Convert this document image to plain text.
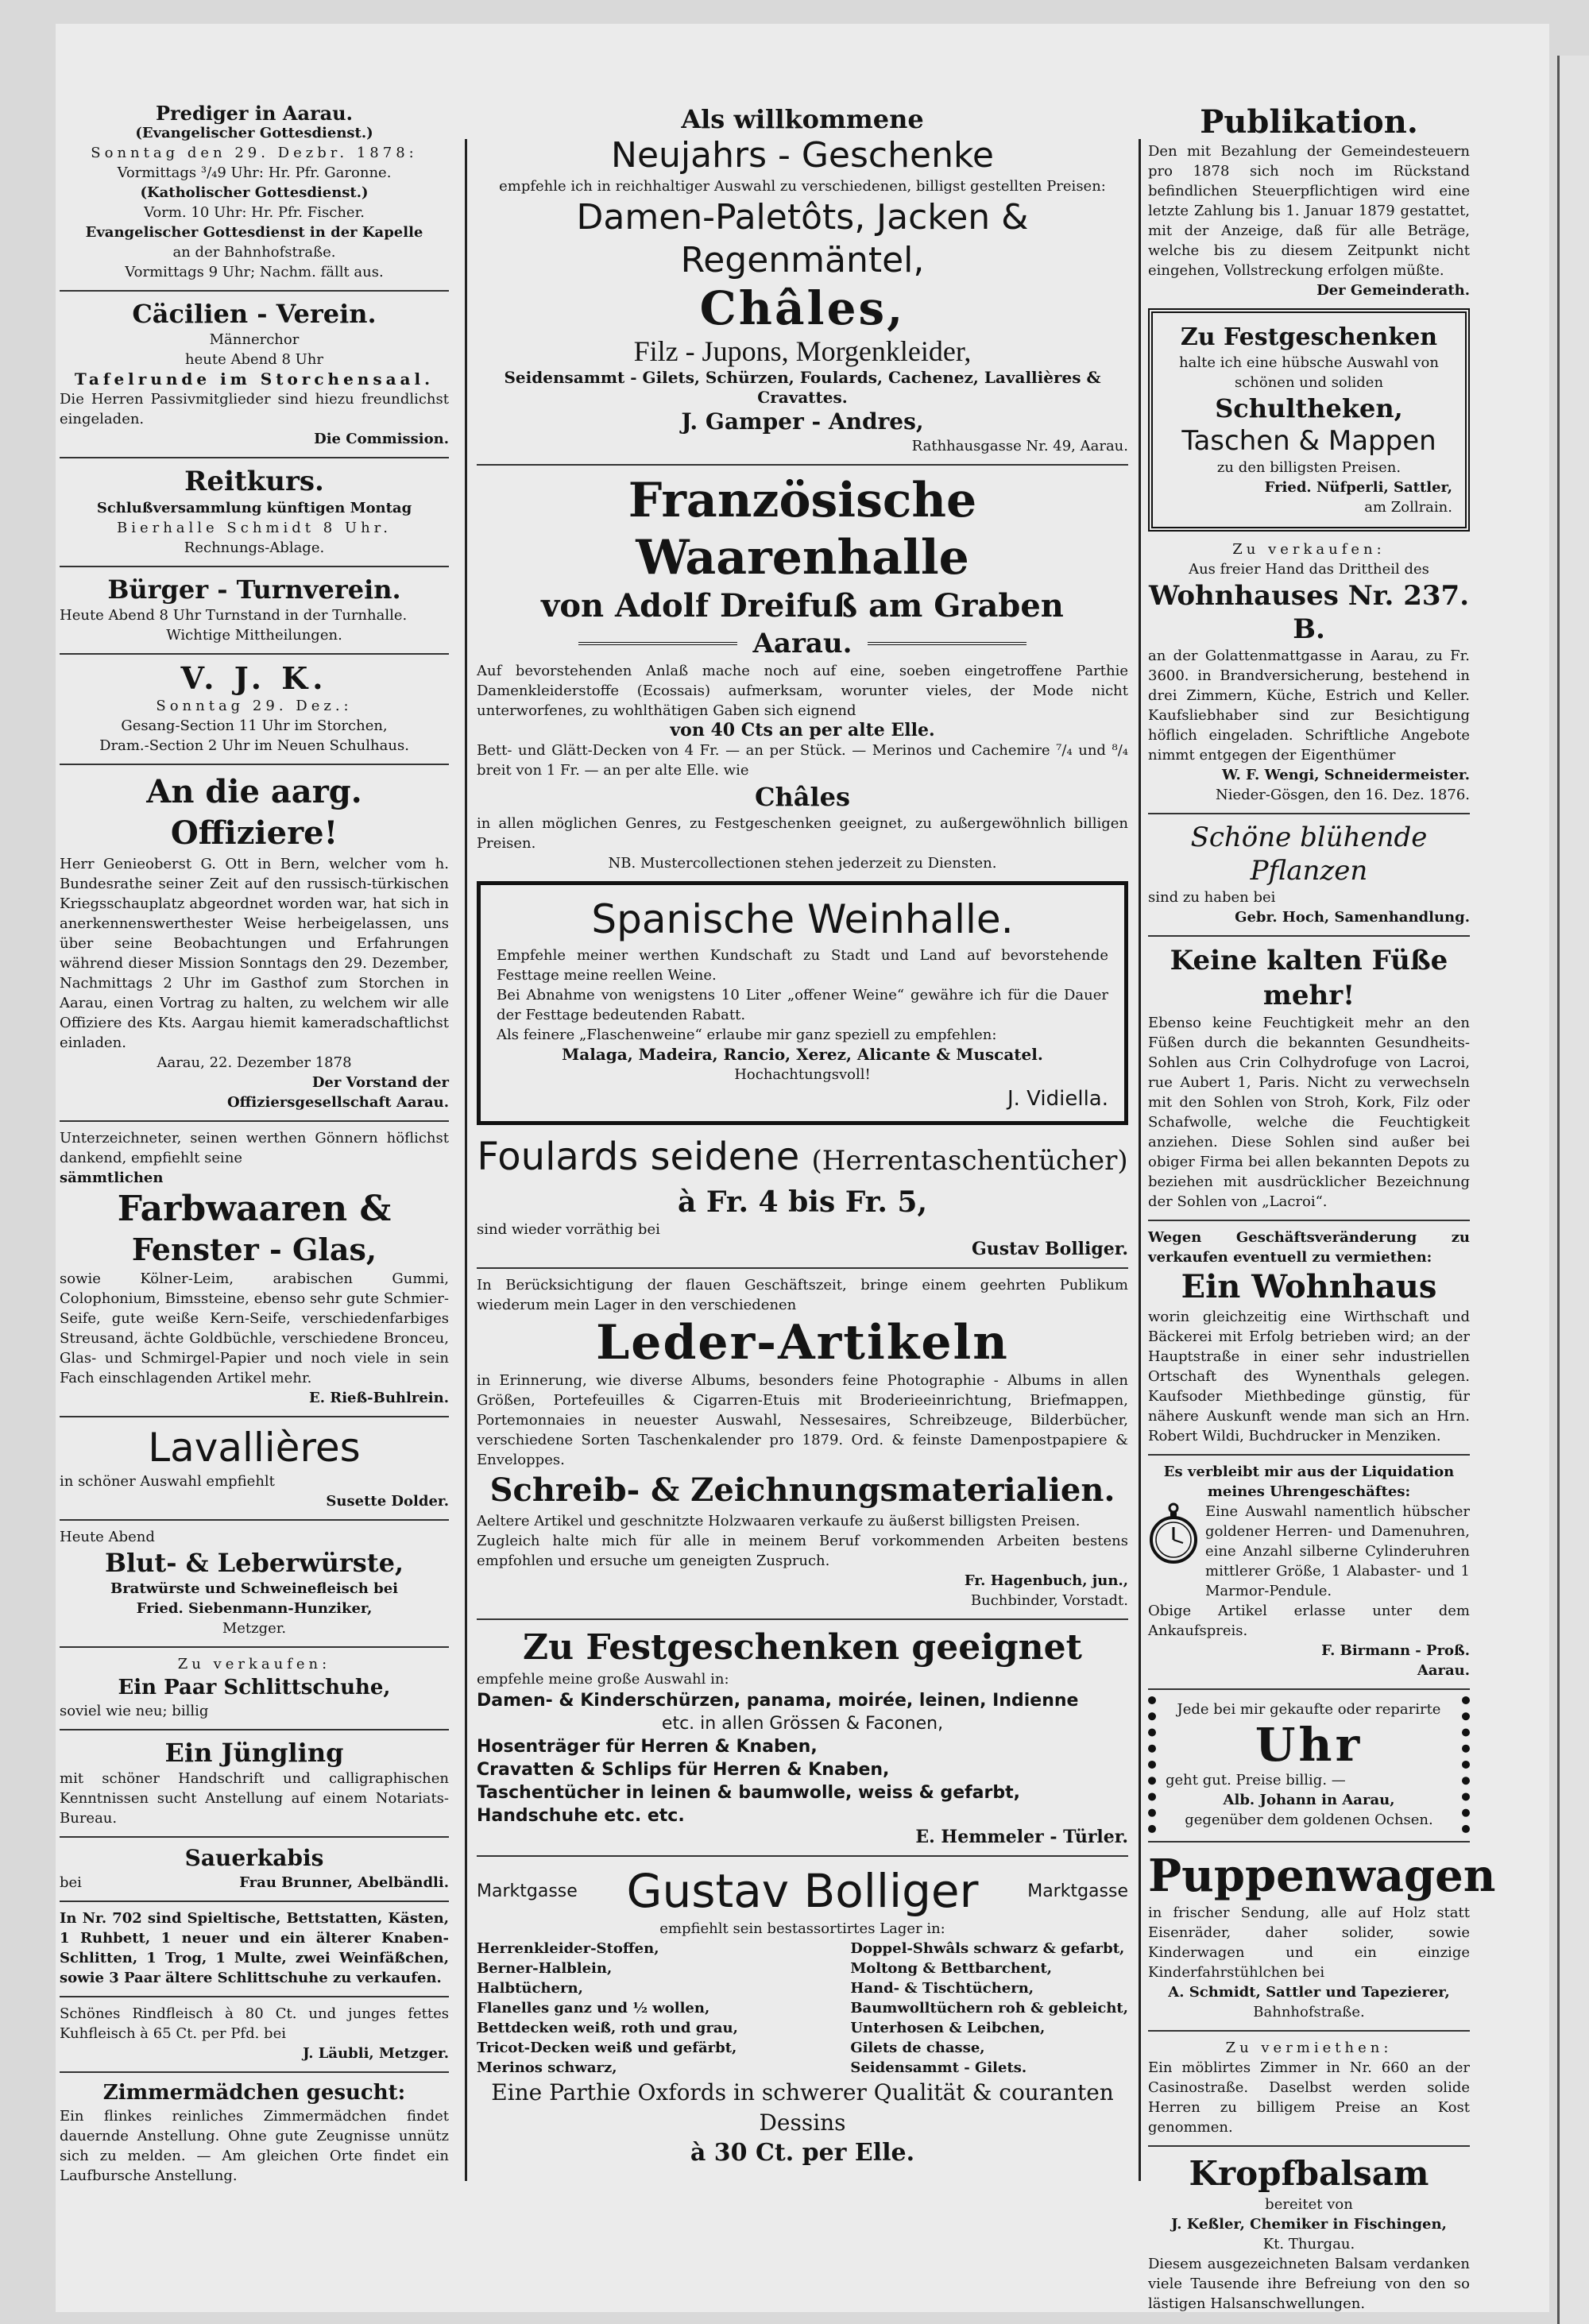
Prediger in Aarau.

(Evangelischer Gottesdienst.)

Sonntag den 29. Dezbr. 1878:

Vormittags ³/₄9 Uhr: Hr. Pfr. Garonne.

(Katholischer Gottesdienst.)

Vorm. 10 Uhr: Hr. Pfr. Fischer.

Evangelischer Gottesdienst in der Kapelle

an der Bahnhofstraße.

Vormittags 9 Uhr; Nachm. fällt aus.

Cäcilien - Verein.

Männerchor

heute Abend 8 Uhr

Tafelrunde im Storchensaal.

Die Herren Passivmitglieder sind hiezu freundlichst eingeladen.

Die Commission.

Reitkurs.

Schlußversammlung künftigen Montag

Bierhalle Schmidt 8 Uhr.

Rechnungs-Ablage.

Bürger - Turnverein.

Heute Abend 8 Uhr Turnstand in der Turnhalle.

Wichtige Mittheilungen.

V. J. K.

Sonntag 29. Dez.:

Gesang-Section 11 Uhr im Storchen,

Dram.-Section 2 Uhr im Neuen Schulhaus.

An die aarg. Offiziere!

Herr Genieoberst G. Ott in Bern, welcher vom h. Bundesrathe seiner Zeit auf den russisch-türkischen Kriegsschauplatz abgeordnet worden war, hat sich in anerkennenswerthester Weise herbeigelassen, uns über seine Beobachtungen und Erfahrungen während dieser Mission Sonntags den 29. Dezember, Nachmittags 2 Uhr im Gasthof zum Storchen in Aarau, einen Vortrag zu halten, zu welchem wir alle Offiziere des Kts. Aargau hiemit kameradschaftlichst einladen.

Aarau, 22. Dezember 1878

Der Vorstand der

Offiziersgesellschaft Aarau.

Unterzeichneter, seinen werthen Gönnern höflichst dankend, empfiehlt seine

sämmtlichen

Farbwaaren &

Fenster - Glas,

sowie Kölner-Leim, arabischen Gummi, Colophonium, Bimssteine, ebenso sehr gute Schmier-Seife, gute weiße Kern-Seife, verschiedenfarbiges Streusand, ächte Goldbüchle, verschiedene Bronceu, Glas- und Schmirgel-Papier und noch viele in sein Fach einschlagenden Artikel mehr.

E. Rieß-Buhlrein.

Lavallières

in schöner Auswahl empfiehlt

Susette Dolder.

Heute Abend

Blut- & Leberwürste,

Bratwürste und Schweinefleisch bei

Fried. Siebenmann-Hunziker,

Metzger.

Zu verkaufen:

Ein Paar Schlittschuhe,

soviel wie neu; billig

Ein Jüngling

mit schöner Handschrift und calligraphischen Kenntnissen sucht Anstellung auf einem Notariats-Bureau.

Sauerkabis

bei	Frau Brunner, Abelbändli.

In Nr. 702 sind Spieltische, Bettstatten, Kästen, 1 Ruhbett, 1 neuer und ein älterer Knaben-Schlitten, 1 Trog, 1 Multe, zwei Weinfäßchen, sowie 3 Paar ältere Schlittschuhe zu verkaufen.

Schönes Rindfleisch à 80 Ct. und junges fettes Kuhfleisch à 65 Ct. per Pfd. bei

J. Läubli, Metzger.

Zimmermädchen gesucht:

Ein flinkes reinliches Zimmermädchen findet dauernde Anstellung. Ohne gute Zeugnisse unnütz sich zu melden. — Am gleichen Orte findet ein Laufbursche Anstellung.

Als willkommene

Neujahrs - Geschenke

empfehle ich in reichhaltiger Auswahl zu verschiedenen, billigst gestellten Preisen:

Damen-Paletôts, Jacken & Regenmäntel,

Châles,

Filz - Jupons, Morgenkleider,

Seidensammt - Gilets, Schürzen, Foulards, Cachenez, Lavallières & Cravattes.

J. Gamper - Andres,

Rathhausgasse Nr. 49, Aarau.

Französische Waarenhalle

von Adolf Dreifuß am Graben

Aarau.

Auf bevorstehenden Anlaß mache noch auf eine, soeben eingetroffene Parthie Damenkleiderstoffe (Ecossais) aufmerksam, worunter vieles, der Mode nicht unterworfenes, zu wohlthätigen Gaben sich eignend

von 40 Cts an per alte Elle.

Bett- und Glätt-Decken von 4 Fr. — an per Stück. — Merinos und Cachemire ⁷/₄ und ⁸/₄ breit von 1 Fr. — an per alte Elle. wie

Châles

in allen möglichen Genres, zu Festgeschenken geeignet, zu außergewöhnlich billigen Preisen.

NB. Mustercollectionen stehen jederzeit zu Diensten.

Spanische Weinhalle.

Empfehle meiner werthen Kundschaft zu Stadt und Land auf bevorstehende Festtage meine reellen Weine.

Bei Abnahme von wenigstens 10 Liter „offener Weine“ gewähre ich für die Dauer der Festtage bedeutenden Rabatt.

Als feinere „Flaschenweine“ erlaube mir ganz speziell zu empfehlen:

Malaga, Madeira, Rancio, Xerez, Alicante & Muscatel.

Hochachtungsvoll!

J. Vidiella.

Foulards seidene (Herrentaschentücher)

à Fr. 4 bis Fr. 5,

sind wieder vorräthig bei

Gustav Bolliger.

In Berücksichtigung der flauen Geschäftszeit, bringe einem geehrten Publikum wiederum mein Lager in den verschiedenen

Leder-Artikeln

in Erinnerung, wie diverse Albums, besonders feine Photographie - Albums in allen Größen, Portefeuilles & Cigarren-Etuis mit Broderieeinrichtung, Briefmappen, Portemonnaies in neuester Auswahl, Nessesaires, Schreibzeuge, Bilderbücher, verschiedene Sorten Taschenkalender pro 1879. Ord. & feinste Damenpostpapiere & Enveloppes.

Schreib- & Zeichnungsmaterialien.

Aeltere Artikel und geschnitzte Holzwaaren verkaufe zu äußerst billigsten Preisen.

Zugleich halte mich für alle in meinem Beruf vorkommenden Arbeiten bestens empfohlen und ersuche um geneigten Zuspruch.

Fr. Hagenbuch, jun.,

Buchbinder, Vorstadt.

Zu Festgeschenken geeignet

empfehle meine große Auswahl in:

Damen- & Kinderschürzen, panama, moirée, leinen, Indienne

etc. in allen Grössen & Faconen,

Hosenträger für Herren & Knaben,

Cravatten & Schlips für Herren & Knaben,

Taschentücher in leinen & baumwolle, weiss & gefarbt,

Handschuhe etc. etc.

E. Hemmeler - Türler.

Marktgasse Gustav Bolliger	Marktgasse

empfiehlt sein bestassortirtes Lager in:

Herrenkleider-Stoffen,

Berner-Halblein,

Halbtüchern,

Flanelles ganz und ½ wollen,

Bettdecken weiß, roth und grau,

Tricot-Decken weiß und gefärbt,

Merinos schwarz,

Doppel-Shwâls schwarz & gefarbt,

Moltong & Bettbarchent,

Hand- & Tischtüchern,

Baumwolltüchern roh & gebleicht,

Unterhosen & Leibchen,

Gilets de chasse,

Seidensammt - Gilets.

Eine Parthie Oxfords in schwerer Qualität & couranten Dessins

à 30 Ct. per Elle.

Publikation.

Den mit Bezahlung der Gemeindesteuern pro 1878 sich noch im Rückstand befindlichen Steuerpflichtigen wird eine letzte Zahlung bis 1. Januar 1879 gestattet, mit der Anzeige, daß für alle Beträge, welche bis zu diesem Zeitpunkt nicht eingehen, Vollstreckung erfolgen müßte.

Der Gemeinderath.

Zu Festgeschenken

halte ich eine hübsche Auswahl von schönen und soliden

Schultheken,

Taschen & Mappen

zu den billigsten Preisen.

Fried. Nüfperli, Sattler,

am Zollrain.

Zu verkaufen:

Aus freier Hand das Drittheil des

Wohnhauses Nr. 237. B.

an der Golattenmattgasse in Aarau, zu Fr. 3600. in Brandversicherung, bestehend in drei Zimmern, Küche, Estrich und Keller. Kaufsliebhaber sind zur Besichtigung höflich eingeladen. Schriftliche Angebote nimmt entgegen der Eigenthümer

W. F. Wengi, Schneidermeister.

Nieder-Gösgen, den 16. Dez. 1876.

Schöne blühende Pflanzen

sind zu haben bei

Gebr. Hoch, Samenhandlung.

Keine kalten Füße mehr!

Ebenso keine Feuchtigkeit mehr an den Füßen durch die bekannten Gesundheits-Sohlen aus Crin Colhydrofuge von Lacroi, rue Aubert 1, Paris. Nicht zu verwechseln mit den Sohlen von Stroh, Kork, Filz oder Schafwolle, welche die Feuchtigkeit anziehen. Diese Sohlen sind außer bei obiger Firma bei allen bekannten Depots zu beziehen mit ausdrücklicher Bezeichnung der Sohlen von „Lacroi“.

Wegen Geschäftsveränderung zu verkaufen eventuell zu vermiethen:

Ein Wohnhaus

worin gleichzeitig eine Wirthschaft und Bäckerei mit Erfolg betrieben wird; an der Hauptstraße in einer sehr industriellen Ortschaft des Wynenthals gelegen. Kaufsoder Miethbedinge günstig, für nähere Auskunft wende man sich an Hrn. Robert Wildi, Buchdrucker in Menziken.

Es verbleibt mir aus der Liquidation meines Uhrengeschäftes:

Eine Auswahl namentlich hübscher goldener Herren- und Damenuhren, eine Anzahl silberne Cylinderuhren mittlerer Größe, 1 Alabaster- und 1 Marmor-Pendule.

Obige Artikel erlasse unter dem Ankaufspreis.

F. Birmann - Proß.

Aarau.

Jede bei mir gekaufte oder reparirte

Uhr

geht gut. Preise billig. —

Alb. Johann in Aarau,

gegenüber dem goldenen Ochsen.

Puppenwagen

in frischer Sendung, alle auf Holz statt Eisenräder, daher solider, sowie Kinderwagen und ein einzige Kinderfahrstühlchen bei

A. Schmidt, Sattler und Tapezierer,

Bahnhofstraße.

Zu vermiethen:

Ein möblirtes Zimmer in Nr. 660 an der Casinostraße. Daselbst werden solide Herren zu billigem Preise an Kost genommen.

Kropfbalsam

bereitet von

J. Keßler, Chemiker in Fischingen,

Kt. Thurgau.

Diesem ausgezeichneten Balsam verdanken viele Tausende ihre Befreiung von den so lästigen Halsanschwellungen.
